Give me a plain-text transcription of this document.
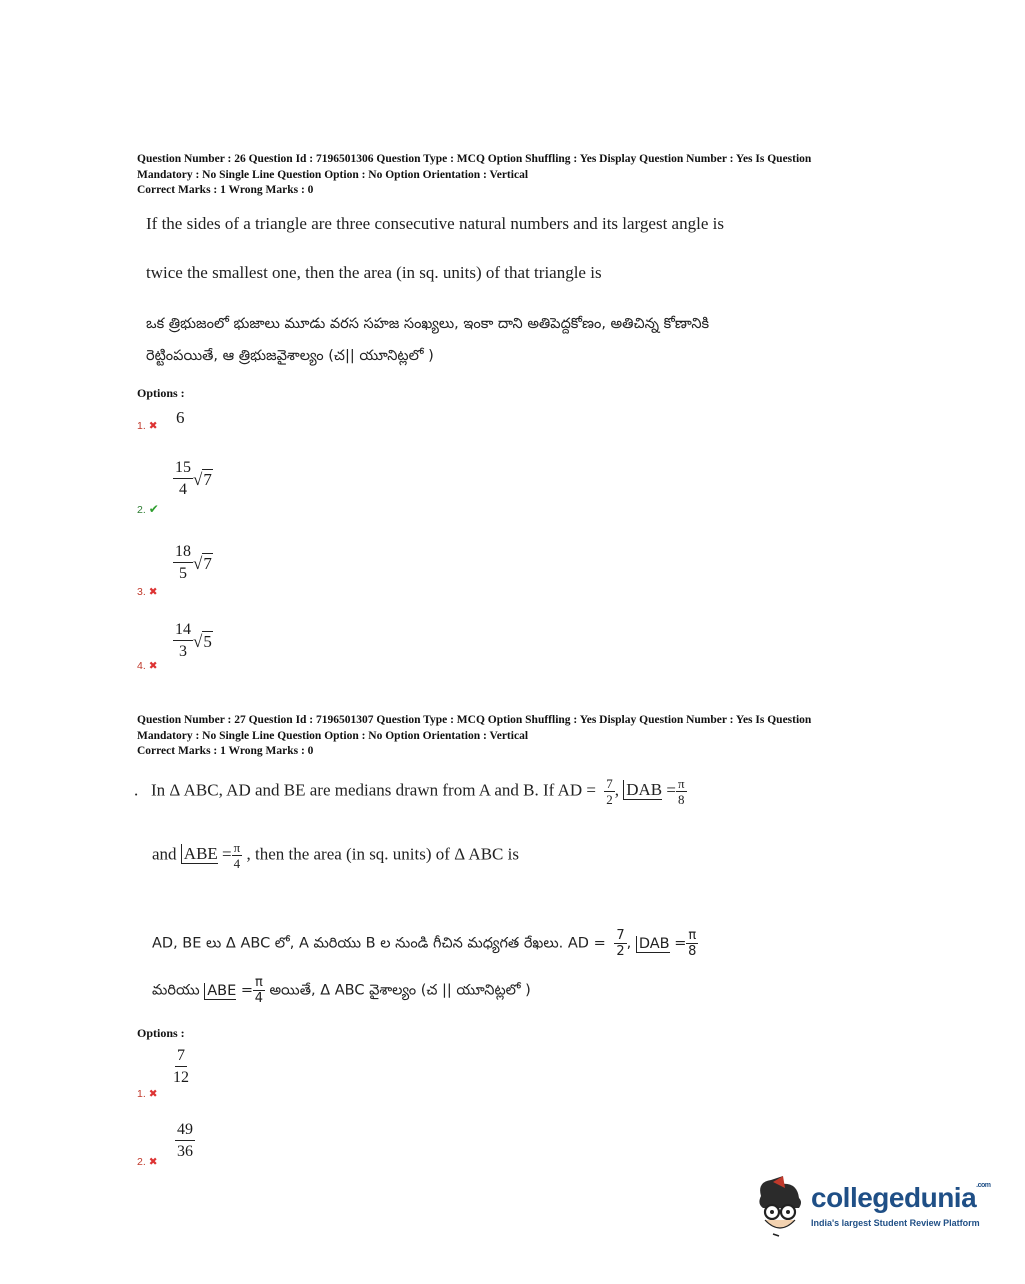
Question Number : 26 Question Id : 7196501306 Question Type : MCQ Option Shuffling : Yes Display Question Number : Yes Is Question
Mandatory : No Single Line Question Option : No Option Orientation : Vertical
Correct Marks : 1 Wrong Marks : 0
If the sides of a triangle are three consecutive natural numbers and its largest angle is
twice the smallest one, then the area (in sq. units) of that triangle is
ఒక త్రిభుజంలో భుజాలు మూడు వరస సహజ సంఖ్యలు, ఇంకా దాని అతిపెద్దకోణం, అతిచిన్న కోణానికి
రెట్టింపయితే, ఆ త్రిభుజవైశాల్యం (చ|| యూనిట్లలో )
Options :
1. ✖ 6
$\frac{15}{4} √7$
2. ✔
$\frac{18}{5} √7$
3. ✖
$\frac{14}{3} √5$
4. ✖
Question Number : 27 Question Id : 7196501307 Question Type : MCQ Option Shuffling : Yes Display Question Number : Yes Is Question
Mandatory : No Single Line Question Option : No Option Orientation : Vertical
Correct Marks : 1 Wrong Marks : 0
. In Δ ABC, AD and BE are medians drawn from A and B. If AD = $\frac{7}{2}$ , DAB = $\frac{\pi}{8}$
and ABE = $\frac{\pi}{4}$ , then the area (in sq. units) of Δ ABC is
AD, BE లు Δ ABC లో, A మరియు B ల నుండి గీచిన మధ్యగత రేఖలు. AD = $\frac{7}{2}$ , DAB = $\frac{\pi}{8}$
మరియు ABE = $\frac{\pi}{4}$ అయితే, Δ ABC వైశాల్యం (చ || యూనిట్లలో )
Options :
$\frac{7}{12}$
1. ✖
$\frac{49}{36}$
2. ✖
collegedunia$^{.com}$
India's largest Student Review Platform
